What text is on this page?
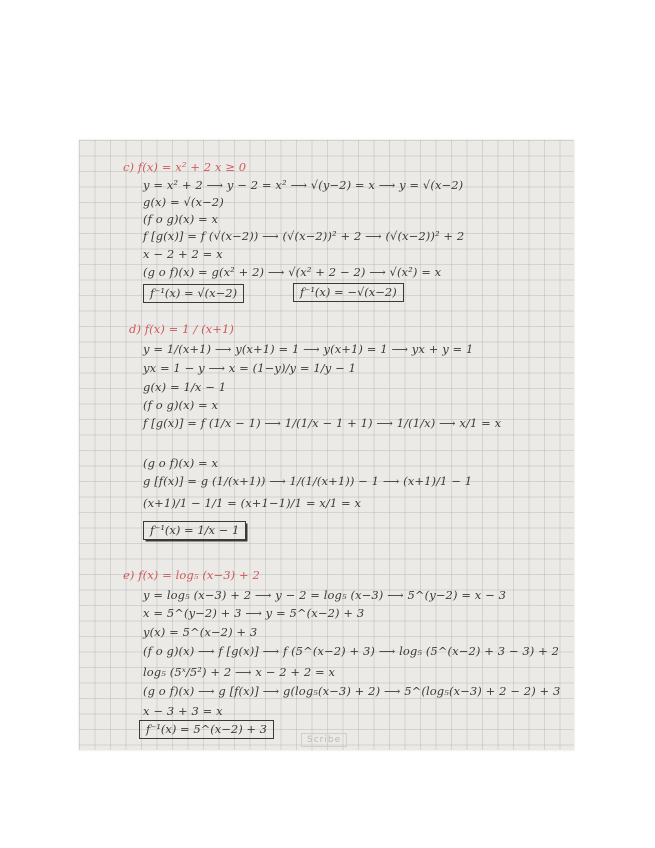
c) f(x) = x² + 2 x ≥ 0
y = x² + 2 ⟶ y − 2 = x² ⟶ √(y−2) = x ⟶ y = √(x−2)
g(x) = √(x−2)
(f o g)(x) = x
f [g(x)] = f (√(x−2)) ⟶ (√(x−2))² + 2 ⟶ (√(x−2))² + 2
x − 2 + 2 = x
(g o f)(x) = g(x² + 2) ⟶ √(x² + 2 − 2) ⟶ √(x²) = x
f⁻¹(x) = √(x−2)	f⁻¹(x) = −√(x−2)
d) f(x) = 1 / (x+1)
y = 1/(x+1) ⟶ y(x+1) = 1 ⟶ y(x+1) = 1 ⟶ yx + y = 1
yx = 1 − y ⟶ x = (1−y)/y = 1/y − 1
g(x) = 1/x − 1
(f o g)(x) = x
f [g(x)] = f (1/x − 1) ⟶ 1/(1/x − 1 + 1) ⟶ 1/(1/x) ⟶ x/1 = x
(g o f)(x) = x
g [f(x)] = g (1/(x+1)) ⟶ 1/(1/(x+1)) − 1 ⟶ (x+1)/1 − 1
(x+1)/1 − 1/1 = (x+1−1)/1 = x/1 = x
f⁻¹(x) = 1/x − 1
e) f(x) = log₅ (x−3) + 2
y = log₅ (x−3) + 2 ⟶ y − 2 = log₅ (x−3) ⟶ 5^(y−2) = x − 3
x = 5^(y−2) + 3 ⟶ y = 5^(x−2) + 3
y(x) = 5^(x−2) + 3
(f o g)(x) ⟶ f [g(x)] ⟶ f (5^(x−2) + 3) ⟶ log₅ (5^(x−2) + 3 − 3) + 2
log₅ (5ˣ/5²) + 2 ⟶ x − 2 + 2 = x
(g o f)(x) ⟶ g [f(x)] ⟶ g(log₅(x−3) + 2) ⟶ 5^(log₅(x−3) + 2 − 2) + 3
x − 3 + 3 = x
f⁻¹(x) = 5^(x−2) + 3
Scribe
